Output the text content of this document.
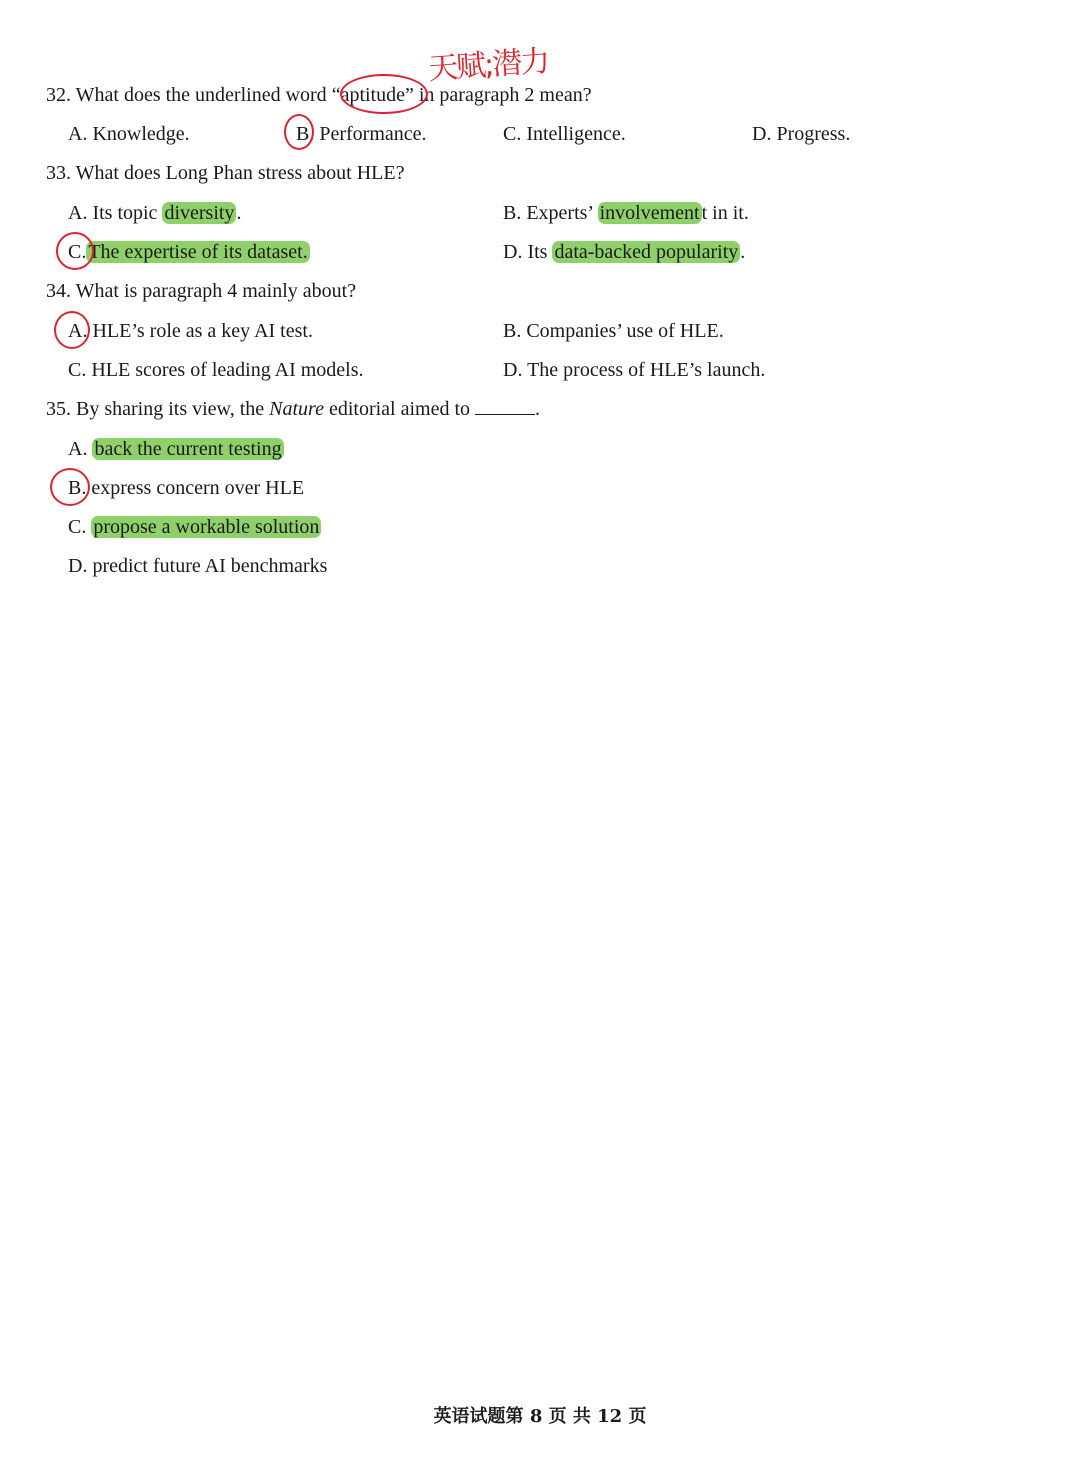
天赋;潜力
32. What does the underlined word “aptitude” in paragraph 2 mean?
A. Knowledge.	B. Performance.	C. Intelligence.	D. Progress.
33. What does Long Phan stress about HLE?
A. Its topic diversity .	B. Experts’ involvement t in it.
C. The expertise of its dataset.	D. Its data-backed popularity .
34. What is paragraph 4 mainly about?
A. HLE’s role as a key AI test.	B. Companies’ use of HLE.
C. HLE scores of leading AI models.	D. The process of HLE’s launch.
35. By sharing its view, the Nature editorial aimed to	.
A. back the current testing
B. express concern over HLE
C. propose a workable solution
D. predict future AI benchmarks
英语试题第 8 页 共 12 页
